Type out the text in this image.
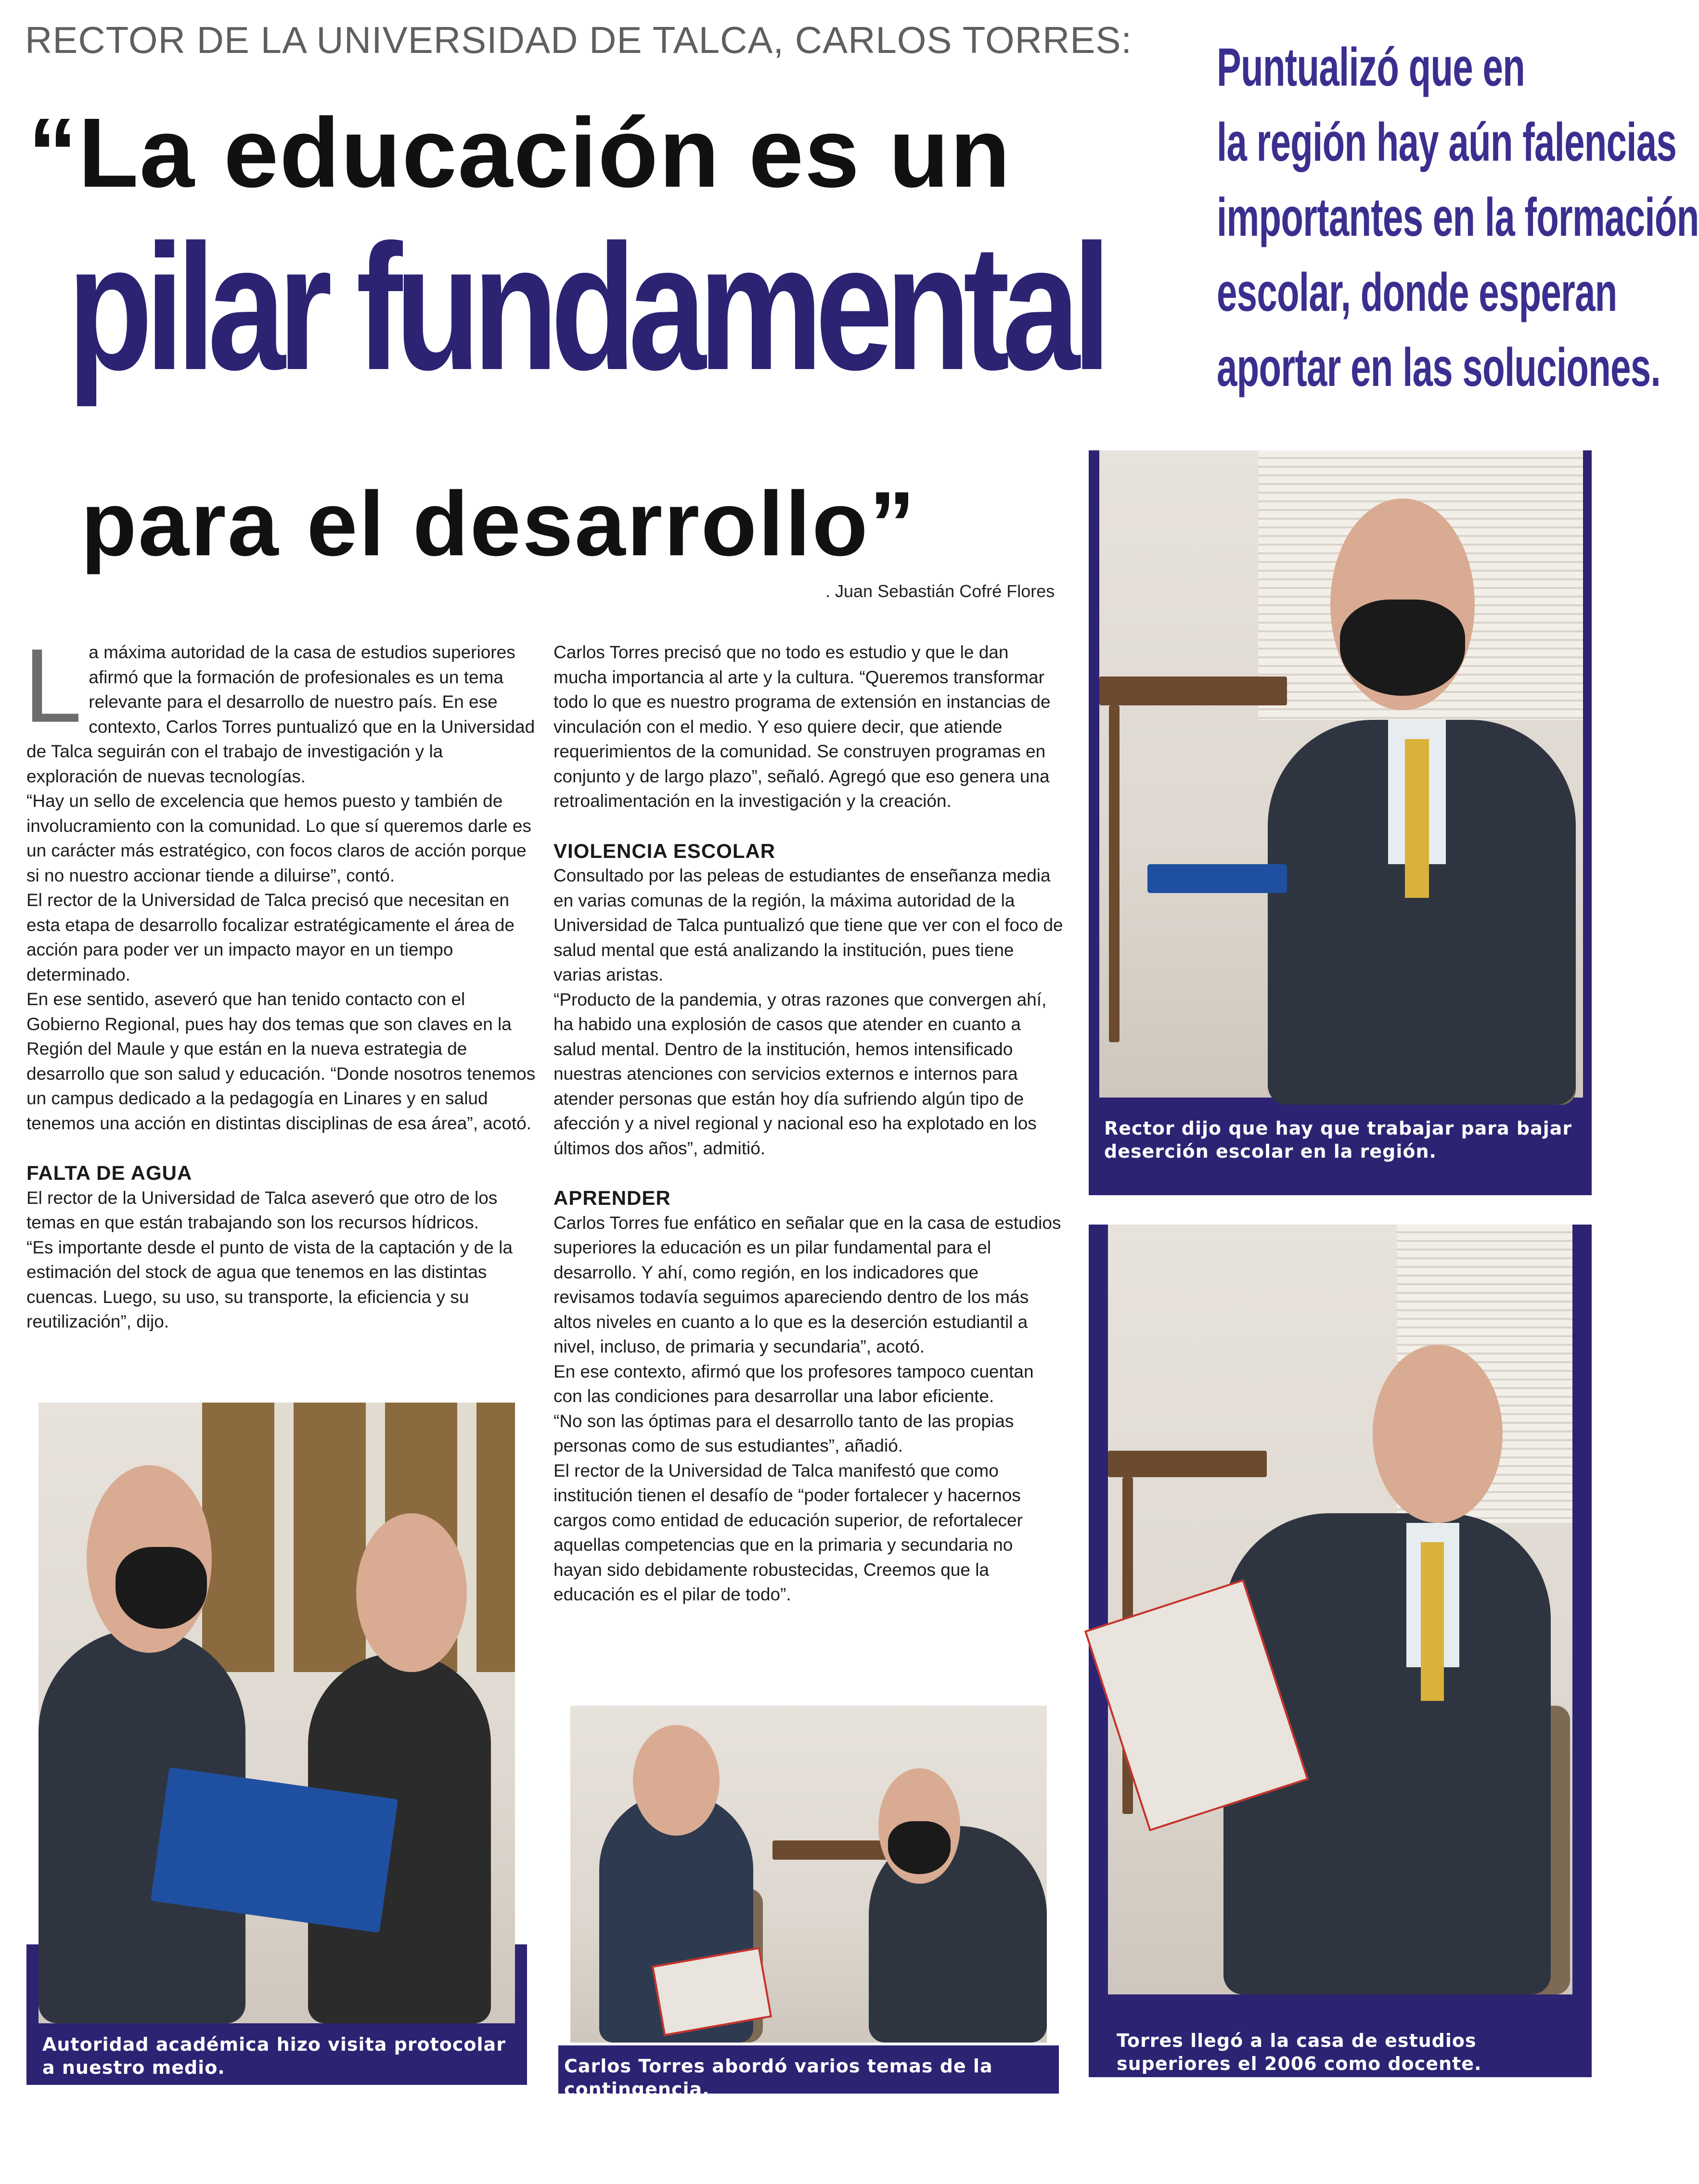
RECTOR DE LA UNIVERSIDAD DE TALCA, CARLOS TORRES:
“La educación es un
pilar fundamental
para el desarrollo”
. Juan Sebastián Cofré Flores
Puntualizó que en
la región hay aún falencias
importantes en la formación
escolar, donde esperan
aportar en las soluciones.
L a máxima autoridad de la casa de estudios superiores afirmó que la formación de profesionales es un tema relevante para el desarrollo de nuestro país. En ese contexto, Carlos Torres puntualizó que en la Universidad de Talca seguirán con el trabajo de investigación y la exploración de nuevas tecnologías.

“Hay un sello de excelencia que hemos puesto y también de involucramiento con la comunidad. Lo que sí queremos darle es un carácter más estratégico, con focos claros de acción porque si no nuestro accionar tiende a diluirse”, contó.

El rector de la Universidad de Talca precisó que necesitan en esta etapa de desarrollo focalizar estratégicamente el área de acción para poder ver un impacto mayor en un tiempo determinado.

En ese sentido, aseveró que han tenido contacto con el Gobierno Regional, pues hay dos temas que son claves en la Región del Maule y que están en la nueva estrategia de desarrollo que son salud y educación. “Donde nosotros tenemos un campus dedicado a la pedagogía en Linares y en salud tenemos una acción en distintas disciplinas de esa área”, acotó.

FALTA DE AGUA

El rector de la Universidad de Talca aseveró que otro de los temas en que están trabajando son los recursos hídricos.

“Es importante desde el punto de vista de la captación y de la estimación del stock de agua que tenemos en las distintas cuencas. Luego, su uso, su transporte, la eficiencia y su reutilización”, dijo.

Carlos Torres precisó que no todo es estudio y que le dan mucha importancia al arte y la cultura. “Queremos transformar todo lo que es nuestro programa de extensión en instancias de vinculación con el medio. Y eso quiere decir, que atiende requerimientos de la comunidad. Se construyen programas en conjunto y de largo plazo”, señaló. Agregó que eso genera una retroalimentación en la investigación y la creación.

VIOLENCIA ESCOLAR

Consultado por las peleas de estudiantes de enseñanza media en varias comunas de la región, la máxima autoridad de la Universidad de Talca puntualizó que tiene que ver con el foco de salud mental que está analizando la institución, pues tiene varias aristas.

“Producto de la pandemia, y otras razones que convergen ahí, ha habido una explosión de casos que atender en cuanto a salud mental. Dentro de la institución, hemos intensificado nuestras atenciones con servicios externos e internos para atender personas que están hoy día sufriendo algún tipo de afección y a nivel regional y nacional eso ha explotado en los últimos dos años”, admitió.

APRENDER

Carlos Torres fue enfático en señalar que en la casa de estudios superiores la educación es un pilar fundamental para el desarrollo. Y ahí, como región, en los indicadores que revisamos todavía seguimos apareciendo dentro de los más altos niveles en cuanto a lo que es la deserción estudiantil a nivel, incluso, de primaria y secundaria”, acotó.

En ese contexto, afirmó que los profesores tampoco cuentan con las condiciones para desarrollar una labor eficiente.

“No son las óptimas para el desarrollo tanto de las propias personas como de sus estudiantes”, añadió.

El rector de la Universidad de Talca manifestó que como institución tienen el desafío de “poder fortalecer y hacernos cargos como entidad de educación superior, de refortalecer aquellas competencias que en la primaria y secundaria no hayan sido debidamente robustecidas, Creemos que la educación es el pilar de todo”.

Rector dijo que hay que trabajar para bajar deserción escolar en la región.
Torres llegó a la casa de estudios superiores el 2006 como docente.
Autoridad académica hizo visita protocolar a nuestro medio.	Carlos Torres abordó varios temas de la contingencia.
